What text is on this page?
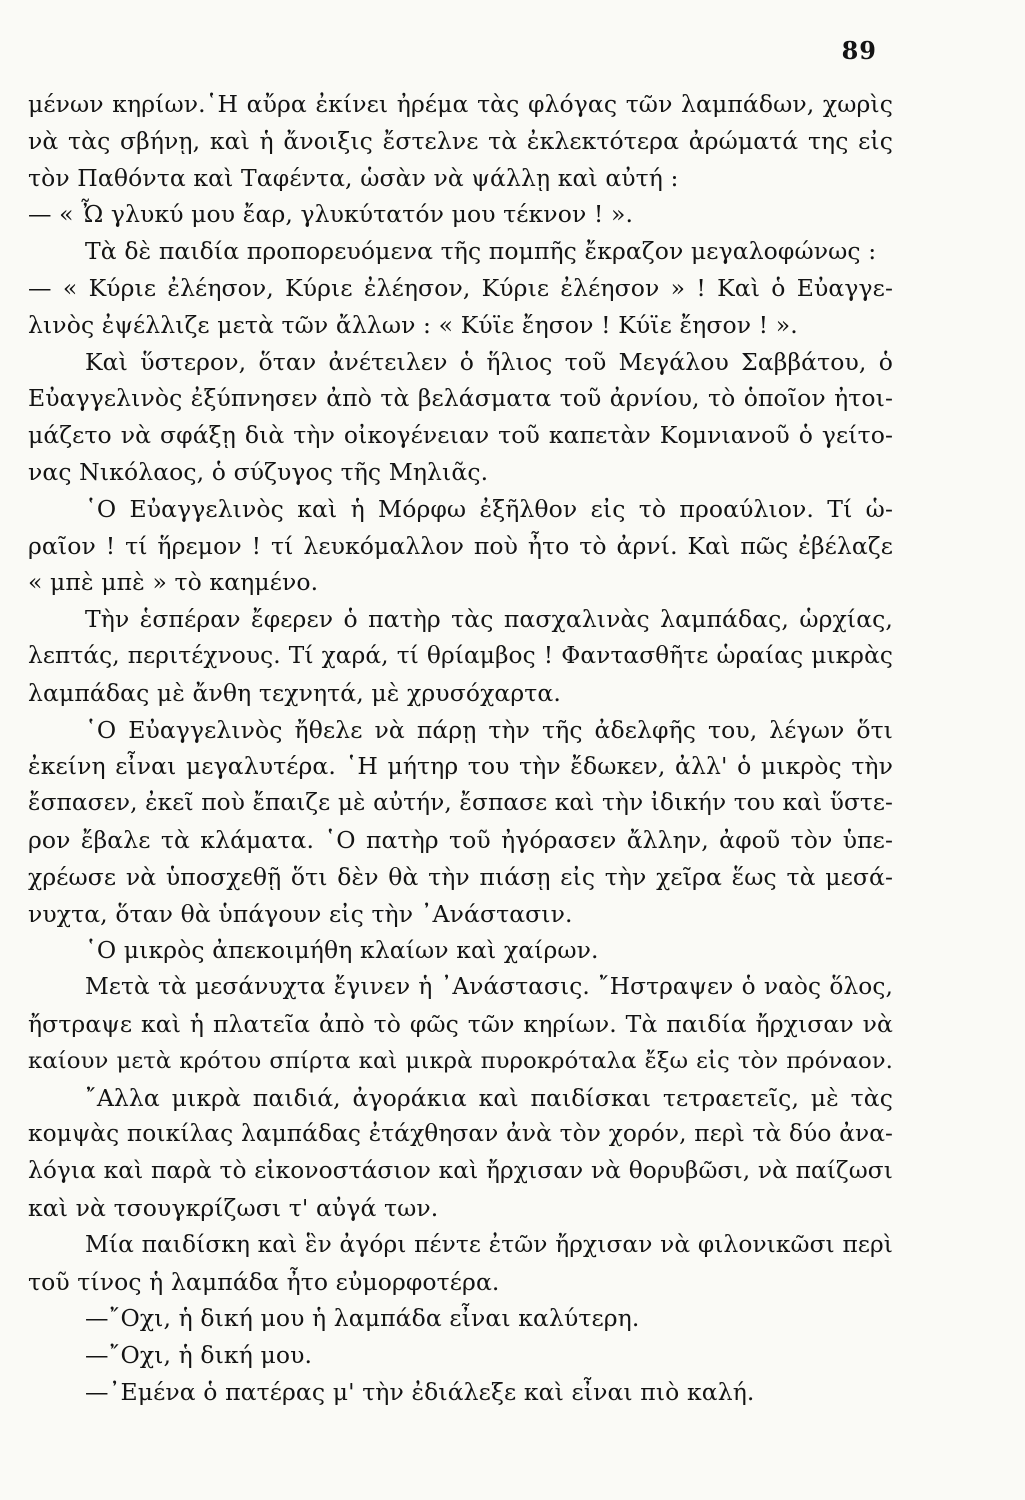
89
μένων κηρίων.῾Η αὔρα ἐκίνει ἠρέμα τὰς φλόγας τῶν λαμπάδων, χωρὶς
νὰ τὰς σβήνῃ, καὶ ἡ ἄνοιξις ἔστελνε τὰ ἐκλεκτότερα ἀρώματά της εἰς
τὸν Παθόντα καὶ Ταφέντα, ὡσὰν νὰ ψάλλῃ καὶ αὐτή :
— « Ὦ γλυκύ μου ἔαρ, γλυκύτατόν μου τέκνον ! ».
Τὰ δὲ παιδία προπορευόμενα τῆς πομπῆς ἔκραζον μεγαλοφώνως :
— « Κύριε ἐλέησον, Κύριε ἐλέησον, Κύριε ἐλέησον » ! Καὶ ὁ Εὐαγγε-
λινὸς ἐψέλλιζε μετὰ τῶν ἄλλων : « Κύϊε ἔησον ! Κύϊε ἔησον ! ».
Καὶ ὕστερον, ὅταν ἀνέτειλεν ὁ ἥλιος τοῦ Μεγάλου Σαββάτου, ὁ
Εὐαγγελινὸς ἐξύπνησεν ἀπὸ τὰ βελάσματα τοῦ ἀρνίου, τὸ ὁποῖον ἠτοι-
μάζετο νὰ σφάξῃ διὰ τὴν οἰκογένειαν τοῦ καπετὰν Κομνιανοῦ ὁ γείτο-
νας Νικόλαος, ὁ σύζυγος τῆς Μηλιᾶς.
῾Ο Εὐαγγελινὸς καὶ ἡ Μόρφω ἐξῆλθον εἰς τὸ προαύλιον. Τί ὡ-
ραῖον ! τί ἥρεμον ! τί λευκόμαλλον ποὺ ἦτο τὸ ἀρνί. Καὶ πῶς ἐβέλαζε
« μπὲ μπὲ » τὸ καημένο.
Τὴν ἑσπέραν ἔφερεν ὁ πατὴρ τὰς πασχαλινὰς λαμπάδας, ὡρχίας,
λεπτάς, περιτέχνους. Τί χαρά, τί θρίαμβος ! Φαντασθῆτε ὡραίας μικρὰς
λαμπάδας μὲ ἄνθη τεχνητά, μὲ χρυσόχαρτα.
῾Ο Εὐαγγελινὸς ἤθελε νὰ πάρῃ τὴν τῆς ἀδελφῆς του, λέγων ὅτι
ἐκείνη εἶναι μεγαλυτέρα. ῾Η μήτηρ του τὴν ἔδωκεν, ἀλλ' ὁ μικρὸς τὴν
ἔσπασεν, ἐκεῖ ποὺ ἔπαιζε μὲ αὐτήν, ἔσπασε καὶ τὴν ἰδικήν του καὶ ὕστε-
ρον ἔβαλε τὰ κλάματα. ῾Ο πατὴρ τοῦ ἠγόρασεν ἄλλην, ἀφοῦ τὸν ὑπε-
χρέωσε νὰ ὑποσχεθῇ ὅτι δὲν θὰ τὴν πιάσῃ εἰς τὴν χεῖρα ἕως τὰ μεσά-
νυχτα, ὅταν θὰ ὑπάγουν εἰς τὴν ᾿Ανάστασιν.
῾Ο μικρὸς ἀπεκοιμήθη κλαίων καὶ χαίρων.
Μετὰ τὰ μεσάνυχτα ἔγινεν ἡ ᾿Ανάστασις. ῎Ηστραψεν ὁ ναὸς ὅλος,
ἤστραψε καὶ ἡ πλατεῖα ἀπὸ τὸ φῶς τῶν κηρίων. Τὰ παιδία ἤρχισαν νὰ
καίουν μετὰ κρότου σπίρτα καὶ μικρὰ πυροκρόταλα ἔξω εἰς τὸν πρόναον.
῎Αλλα μικρὰ παιδιά, ἀγοράκια καὶ παιδίσκαι τετραετεῖς, μὲ τὰς
κομψὰς ποικίλας λαμπάδας ἐτάχθησαν ἀνὰ τὸν χορόν, περὶ τὰ δύο ἀνα-
λόγια καὶ παρὰ τὸ εἰκονοστάσιον καὶ ἤρχισαν νὰ θορυβῶσι, νὰ παίζωσι
καὶ νὰ τσουγκρίζωσι τ' αὐγά των.
Μία παιδίσκη καὶ ἓν ἀγόρι πέντε ἐτῶν ἤρχισαν νὰ φιλονικῶσι περὶ
τοῦ τίνος ἡ λαμπάδα ἦτο εὐμορφοτέρα.
—῎Οχι, ἡ δική μου ἡ λαμπάδα εἶναι καλύτερη.
—῎Οχι, ἡ δική μου.
—᾿Εμένα ὁ πατέρας μ' τὴν ἐδιάλεξε καὶ εἶναι πιὸ καλή.
